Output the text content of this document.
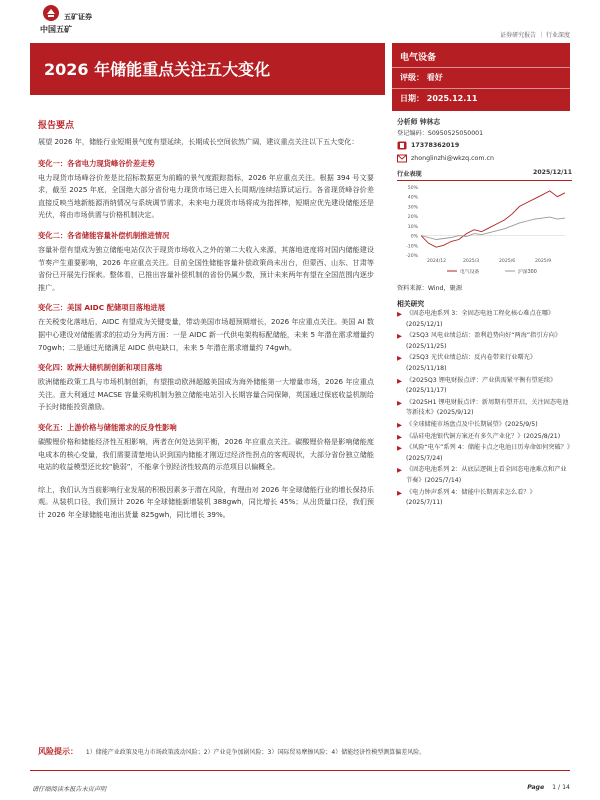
中国五矿
五矿证券
证券研究报告 ｜ 行业深度
2026 年储能重点关注五大变化
电气设备
评级： 看好
日期： 2025.12.11
报告要点

展望 2026 年，储能行业短期景气度有望延续，长期成长空间依然广阔，建议重点关注以下五大变化：

变化一：各省电力现货峰谷价差走势

电力现货市场峰谷价差是比招标数据更为前瞻的景气度跟踪指标，2026 年应重点关注。根据 394 号文要求，截至 2025 年底，全国绝大部分省份电力现货市场已进入长周期/连续结算试运行。各省现货峰谷价差直接反映当地新能源消纳情况与系统调节需求，未来电力现货市场将成为指挥棒，短期应优先建设储能还是光伏，将由市场供需与价格机制决定。

变化二：各省储能容量补偿机制推进情况

容量补偿有望成为独立储能电站仅次于现货市场收入之外的第二大收入来源，其落地进度将对国内储能建设节奏产生重要影响，2026 年应重点关注。目前全国性储能容量补偿政策尚未出台，但蒙西、山东、甘肃等省份已开展先行探索。整体看，已推出容量补偿机制的省份仍属少数，预计未来两年有望在全国范围内逐步推广。

变化三：美国 AIDC 配储项目落地进展

在关税变化落地后，AIDC 有望成为关键变量，带动美国市场超预期增长，2026 年应重点关注。美国 AI 数据中心建设对储能需求的拉动分为两方面：一是 AIDC 新一代供电架构标配储能，未来 5 年潜在需求增量约 70gwh；二是通过光储满足 AIDC 供电缺口，未来 5 年潜在需求增量约 74gwh。

变化四：欧洲大储机制创新和项目落地

欧洲储能政策工具与市场机制创新，有望推动欧洲超越美国成为海外储能第一大增量市场，2026 年应重点关注。意大利通过 MACSE 容量采购机制为独立储能电站引入长期容量合同保障，英国通过保底收益机制给予长时储能投资激励。

变化五：上游价格与储能需求的反身性影响

碳酸锂价格和储能经济性互相影响，两者在何处达到平衡，2026 年应重点关注。碳酸锂价格是影响储能度电成本的核心变量，我们需要清楚地认识到国内储能才刚迈过经济性拐点的客观现状，大部分省份独立储能电站的收益模型还比较“脆弱”，不能拿个别经济性较高的示范项目以偏概全。

综上，我们认为当前影响行业发展的积极因素多于潜在风险，有理由对 2026 年全球储能行业的增长保持乐观。从装机口径，我们预计 2026 年全球储能新增装机 388gwh，同比增长 45%；从出货量口径，我们预计 2026 年全球储能电池出货量 825gwh，同比增长 39%。

分析师 钟林志
登记编码：S0950525050001
17378362019
zhonglinzhi@wkzq.com.cn
行业表现	2025/12/11
50%
40%
30%
20%
10%
0%
-10%
-20%
2024/12	2025/3	2025/6	2025/9
电气设备	沪深300
资料来源：Wind，聚源
相关研究
▶ 《固态电池系列 3：全固态电池工程化核心难点在哪》(2025/12/1)
▶ 《25Q3 风电业绩总结：盈利趋势向好“两海”指引方向》(2025/11/25)
▶ 《25Q3 光伏业绩总结：反内卷带来行业曙光》(2025/11/18)
▶ 《2025Q3 锂电财报点评：产业供需紧平衡有望延续》(2025/11/17)
▶ 《2025H1 锂电财报点评：新周期有望开启，关注固态电池等新技术》(2025/9/12)
▶ 《全球储能市场盘点及中长期展望》(2025/9/5)
▶ 《晶硅电池银代铜方案还有多久产业化？》(2025/8/21)
▶ 《风险“电车”系列 4：储能卡点之电池日历寿命如何突破？》(2025/7/24)
▶ 《固态电池系列 2：从底层逻辑上看全固态电池难点和产业节奏》(2025/7/14)
▶ 《电力钟声系列 4：储能中长期需求怎么看？》(2025/7/11)
风险提示： 1）储能产业政策及电力市场政策波动风险；2）产业竞争加剧风险；3）国际贸易摩擦风险；4）储能经济性模型测算偏差风险。
请仔细阅读本报告末页声明	Page 1 / 14
